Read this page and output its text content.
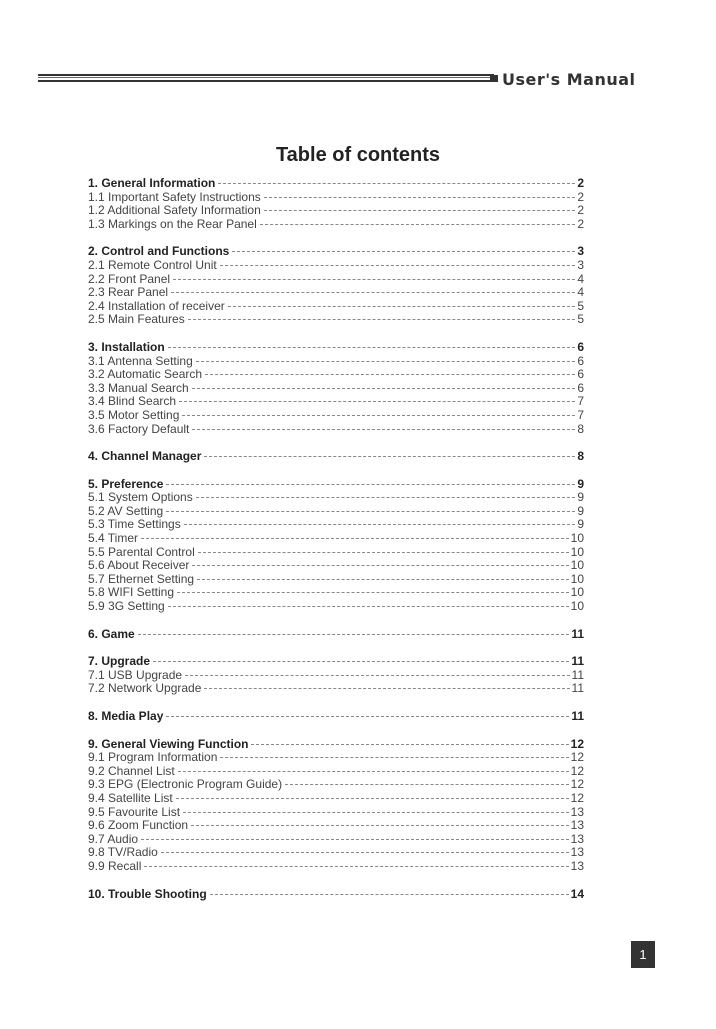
User's Manual
Table of contents
1. General Information	2
1.1 Important Safety Instructions	2
1.2 Additional Safety Information	2
1.3 Markings on the Rear Panel	2
2. Control and Functions	3
2.1 Remote Control Unit	3
2.2 Front Panel	4
2.3 Rear Panel	4
2.4 Installation of receiver	5
2.5 Main Features	5
3. Installation	6
3.1 Antenna Setting	6
3.2 Automatic Search	6
3.3 Manual Search	6
3.4 Blind Search	7
3.5 Motor Setting	7
3.6 Factory Default	8
4. Channel Manager	8
5. Preference	9
5.1 System Options	9
5.2 AV Setting	9
5.3 Time Settings	9
5.4 Timer	10
5.5 Parental Control	10
5.6 About Receiver	10
5.7 Ethernet Setting	10
5.8 WIFI Setting	10
5.9 3G Setting	10
6. Game	11
7. Upgrade	11
7.1 USB Upgrade	11
7.2 Network Upgrade	11
8. Media Play	11
9. General Viewing Function	12
9.1 Program Information	12
9.2 Channel List	12
9.3 EPG (Electronic Program Guide)	12
9.4 Satellite List	12
9.5 Favourite List	13
9.6 Zoom Function	13
9.7 Audio	13
9.8 TV/Radio	13
9.9 Recall	13
10. Trouble Shooting	14
1
